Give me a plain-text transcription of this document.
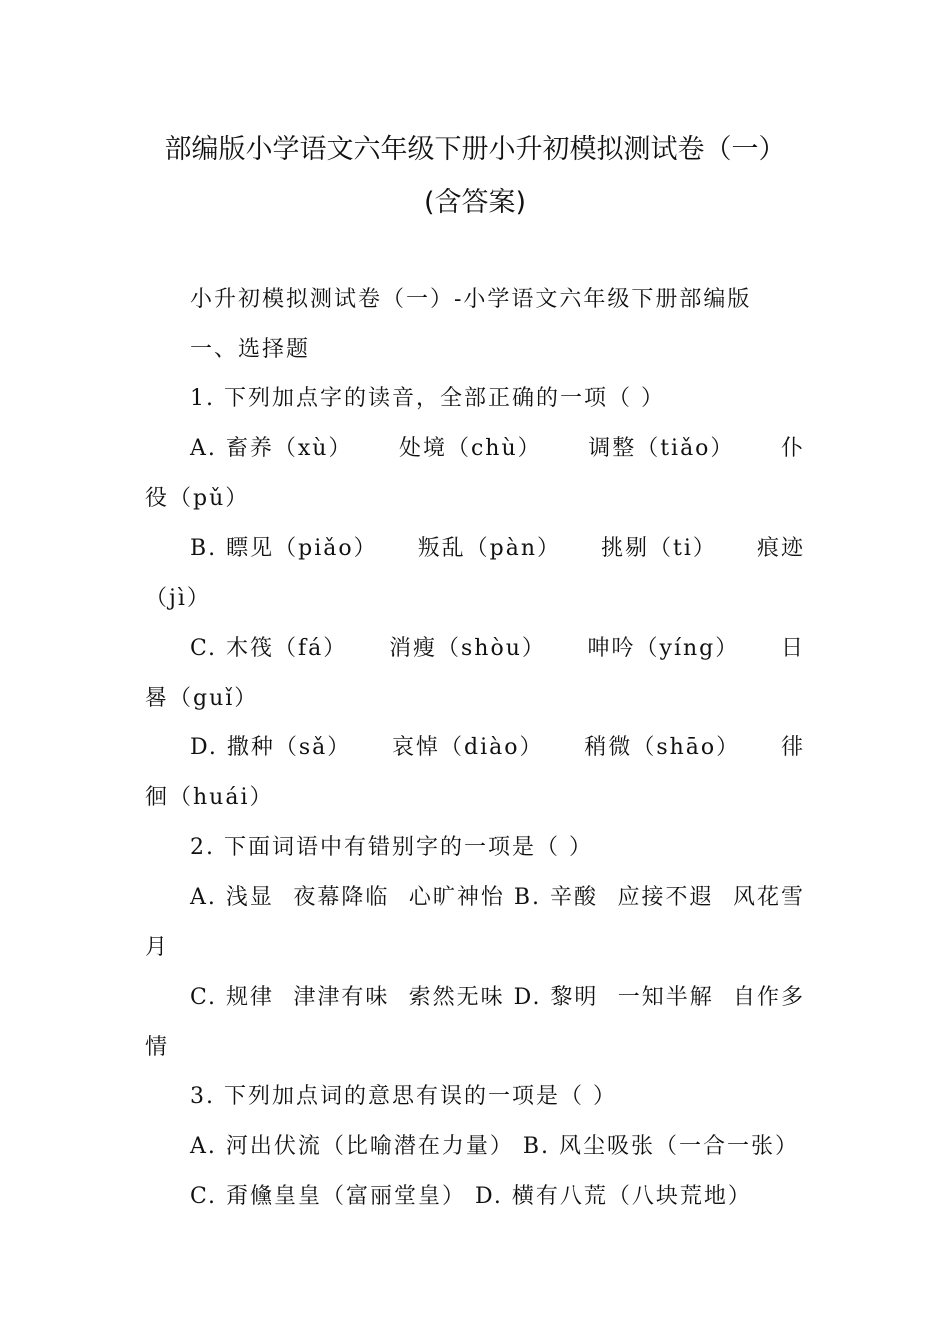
部编版小学语文六年级下册小升初模拟测试卷（一）
(含答案)
小升初模拟测试卷（一）-小学语文六年级下册部编版
一、选择题
1. 下列加点字的读音，全部正确的一项（ ）
A. 畜养（xù） 处境（chù） 调整（tiǎo） 仆
役（pǔ）
B. 瞟见（piǎo） 叛乱（pàn） 挑剔（ti） 痕迹
（jì）
C. 木筏（fá） 消瘦（shòu） 呻吟（yíng） 日
晷（guǐ）
D. 撒种（sǎ） 哀悼（diào） 稍微（shāo） 徘
徊（huái）
2. 下面词语中有错别字的一项是（ ）
A. 浅显 夜幕降临 心旷神怡 B. 辛酸 应接不遐 风花雪
月
C. 规律 津津有味 索然无味 D. 黎明 一知半解 自作多
情
3. 下列加点词的意思有误的一项是（ ）
A. 河出伏流（比喻潜在力量） B. 风尘吸张（一合一张）
C. 甭儵皇皇（富丽堂皇） D. 横有八荒（八块荒地）
